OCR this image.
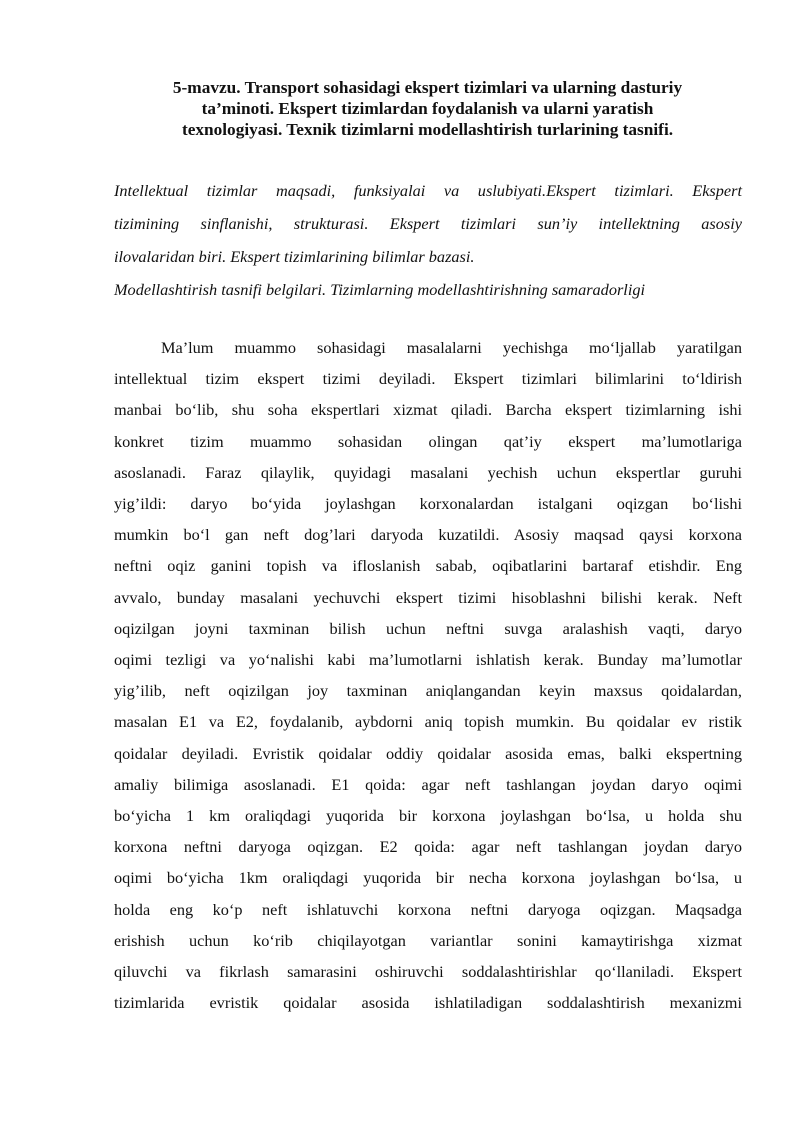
5-mavzu. Transport sohasidagi ekspert tizimlari va ularning dasturiy
ta’minoti. Ekspert tizimlardan foydalanish va ularni yaratish
texnologiyasi. Texnik tizimlarni modellashtirish turlarining tasnifi.
Intellektual tizimlar maqsadi, funksiyalai va uslubiyati.Ekspert tizimlari. Ekspert
tizimining sinflanishi, strukturasi. Ekspert tizimlari sun’iy intellektning asosiy
ilovalaridan biri. Ekspert tizimlarining bilimlar bazasi.
Modellashtirish tasnifi belgilari. Tizimlarning modellashtirishning samaradorligi
Ma’lum muammo sohasidagi masalalarni yechishga mo‘ljallab yaratilgan
intellektual tizim ekspert tizimi deyiladi. Ekspert tizimlari bilimlarini to‘ldirish
manbai bo‘lib, shu soha ekspertlari xizmat qiladi. Barcha ekspert tizimlarning ishi
konkret tizim muammo sohasidan olingan qat’iy ekspert ma’lumotlariga
asoslanadi. Faraz qilaylik, quyidagi masalani yechish uchun ekspertlar guruhi
yig’ildi: daryo bo‘yida joylashgan korxonalardan istalgani oqizgan bo‘lishi
mumkin bo‘l gan neft dog’lari daryoda kuzatildi. Asosiy maqsad qaysi korxona
neftni oqiz ganini topish va ifloslanish sabab, oqibatlarini bartaraf etishdir. Eng
avvalo, bunday masalani yechuvchi ekspert tizimi hisoblashni bilishi kerak. Neft
oqizilgan joyni taxminan bilish uchun neftni suvga aralashish vaqti, daryo
oqimi tezligi va yo‘nalishi kabi ma’lumotlarni ishlatish kerak. Bunday ma’lumotlar
yig’ilib, neft oqizilgan joy taxminan aniqlangandan keyin maxsus qoidalardan,
masalan E1 va E2, foydalanib, aybdorni aniq topish mumkin. Bu qoidalar ev ristik
qoidalar deyiladi. Evristik qoidalar oddiy qoidalar asosida emas, balki ekspertning
amaliy bilimiga asoslanadi. E1 qoida: agar neft tashlangan joydan daryo oqimi
bo‘yicha 1 km oraliqdagi yuqorida bir korxona joylashgan bo‘lsa, u holda shu
korxona neftni daryoga oqizgan. E2 qoida: agar neft tashlangan joydan daryo
oqimi bo‘yicha 1km oraliqdagi yuqorida bir necha korxona joylashgan bo‘lsa, u
holda eng ko‘p neft ishlatuvchi korxona neftni daryoga oqizgan. Maqsadga
erishish uchun ko‘rib chiqilayotgan variantlar sonini kamaytirishga xizmat
qiluvchi va fikrlash samarasini oshiruvchi soddalashtirishlar qo‘llaniladi. Ekspert
tizimlarida evristik qoidalar asosida ishlatiladigan soddalashtirish mexanizmi
